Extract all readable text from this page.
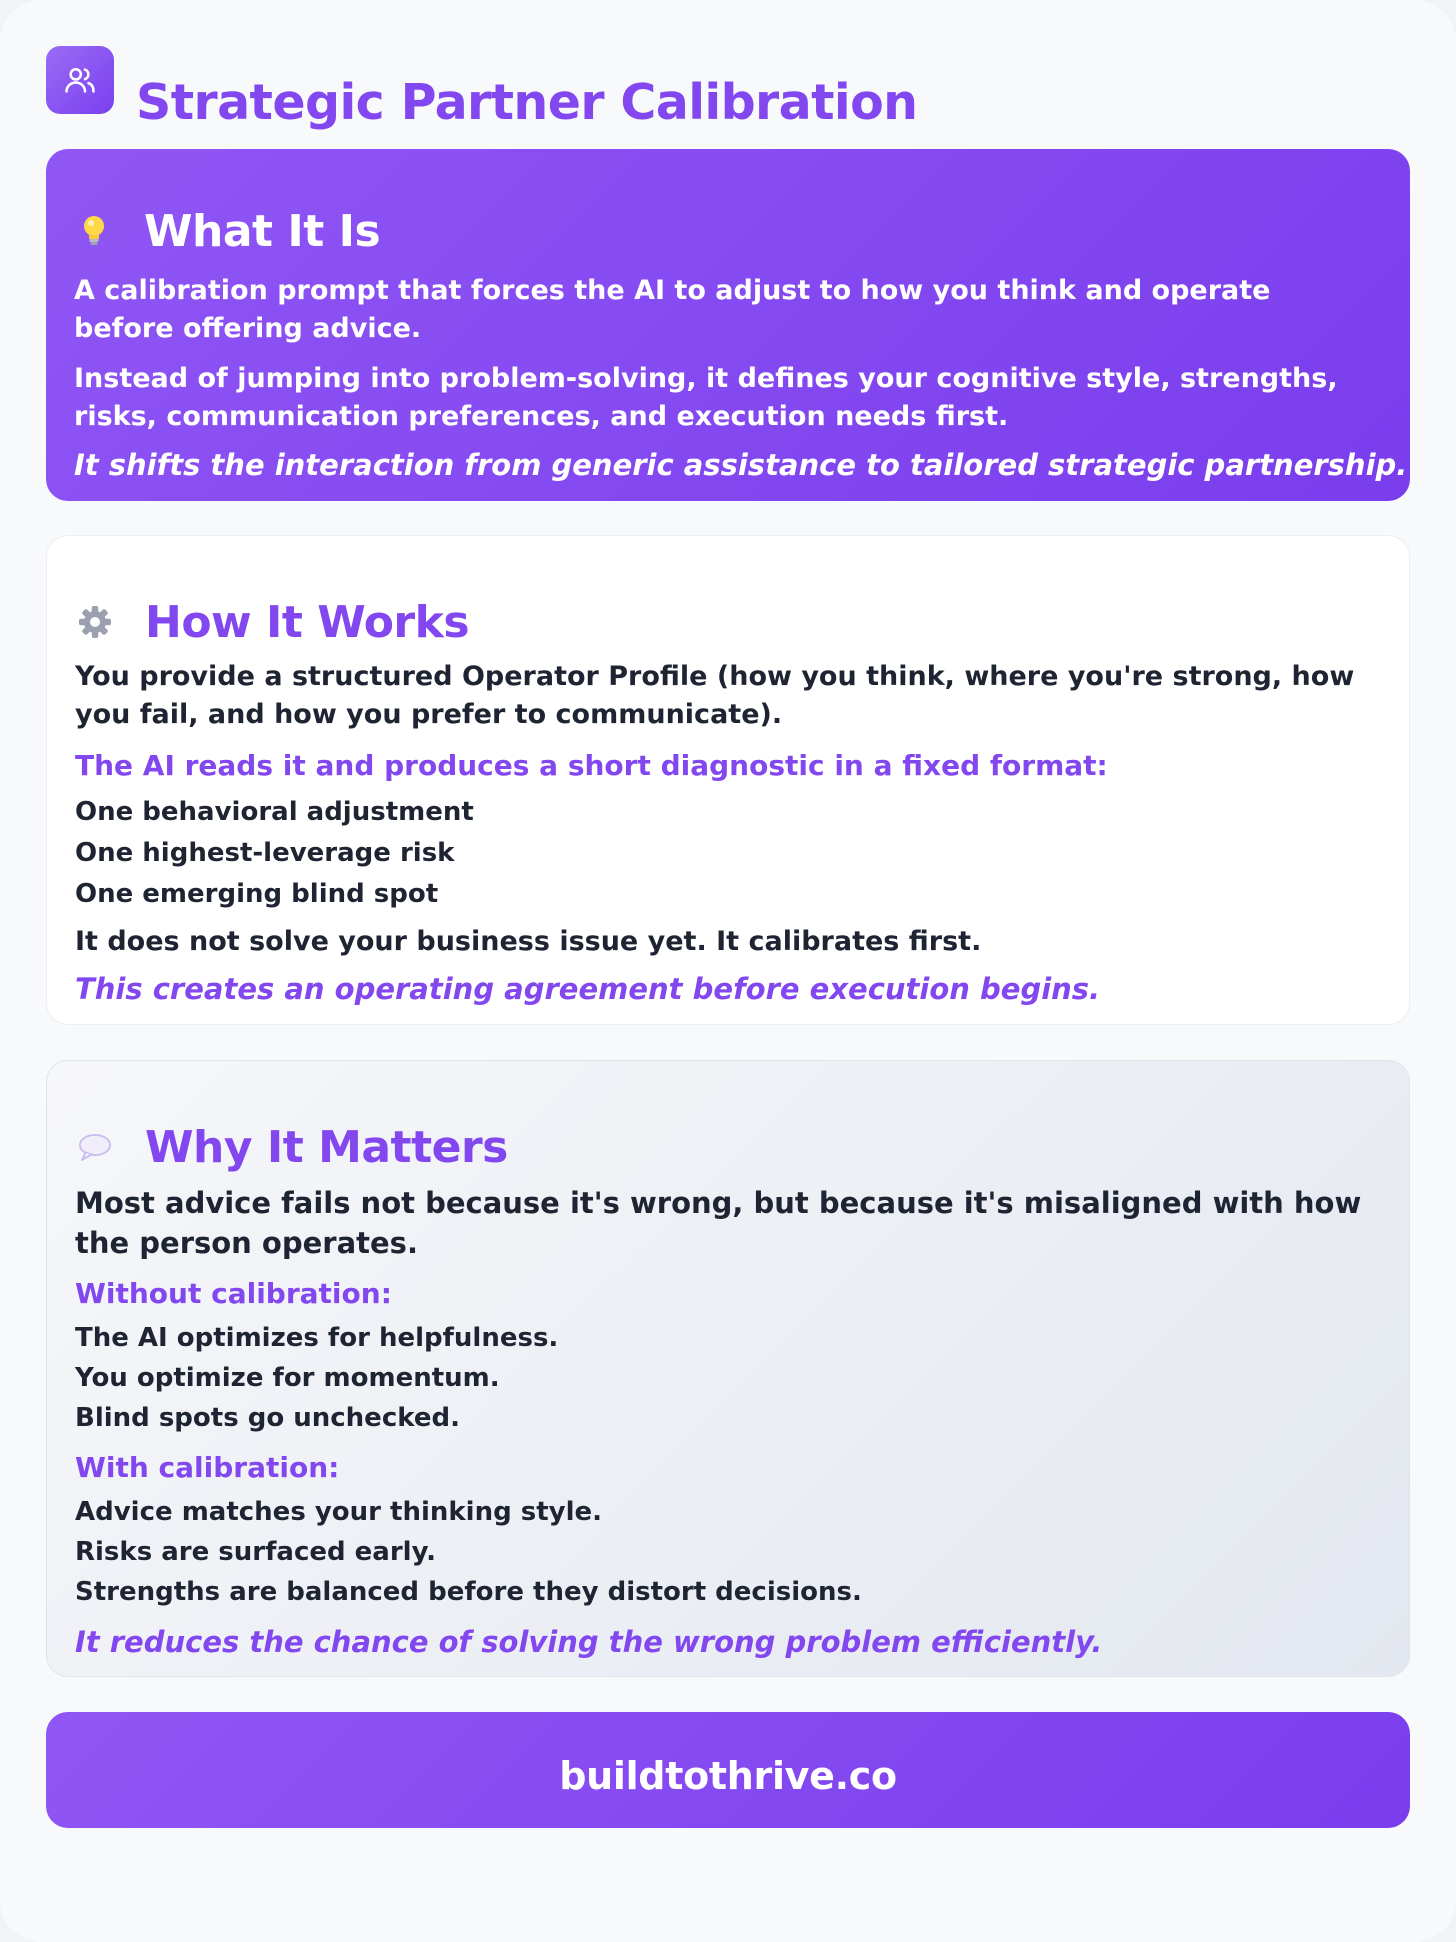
Strategic Partner Calibration
What It Is
A calibration prompt that forces the AI to adjust to how you think and operate before offering advice.
Instead of jumping into problem-solving, it defines your cognitive style, strengths, risks, communication preferences, and execution needs first.
It shifts the interaction from generic assistance to tailored strategic partnership.
How It Works
You provide a structured Operator Profile (how you think, where you're strong, how you fail, and how you prefer to communicate).
The AI reads it and produces a short diagnostic in a fixed format:
One behavioral adjustment
One highest-leverage risk
One emerging blind spot
It does not solve your business issue yet. It calibrates first.
This creates an operating agreement before execution begins.
Why It Matters
Most advice fails not because it's wrong, but because it's misaligned with how the person operates.
Without calibration:
The AI optimizes for helpfulness.
You optimize for momentum.
Blind spots go unchecked.
With calibration:
Advice matches your thinking style.
Risks are surfaced early.
Strengths are balanced before they distort decisions.
It reduces the chance of solving the wrong problem efficiently.
buildtothrive.co
